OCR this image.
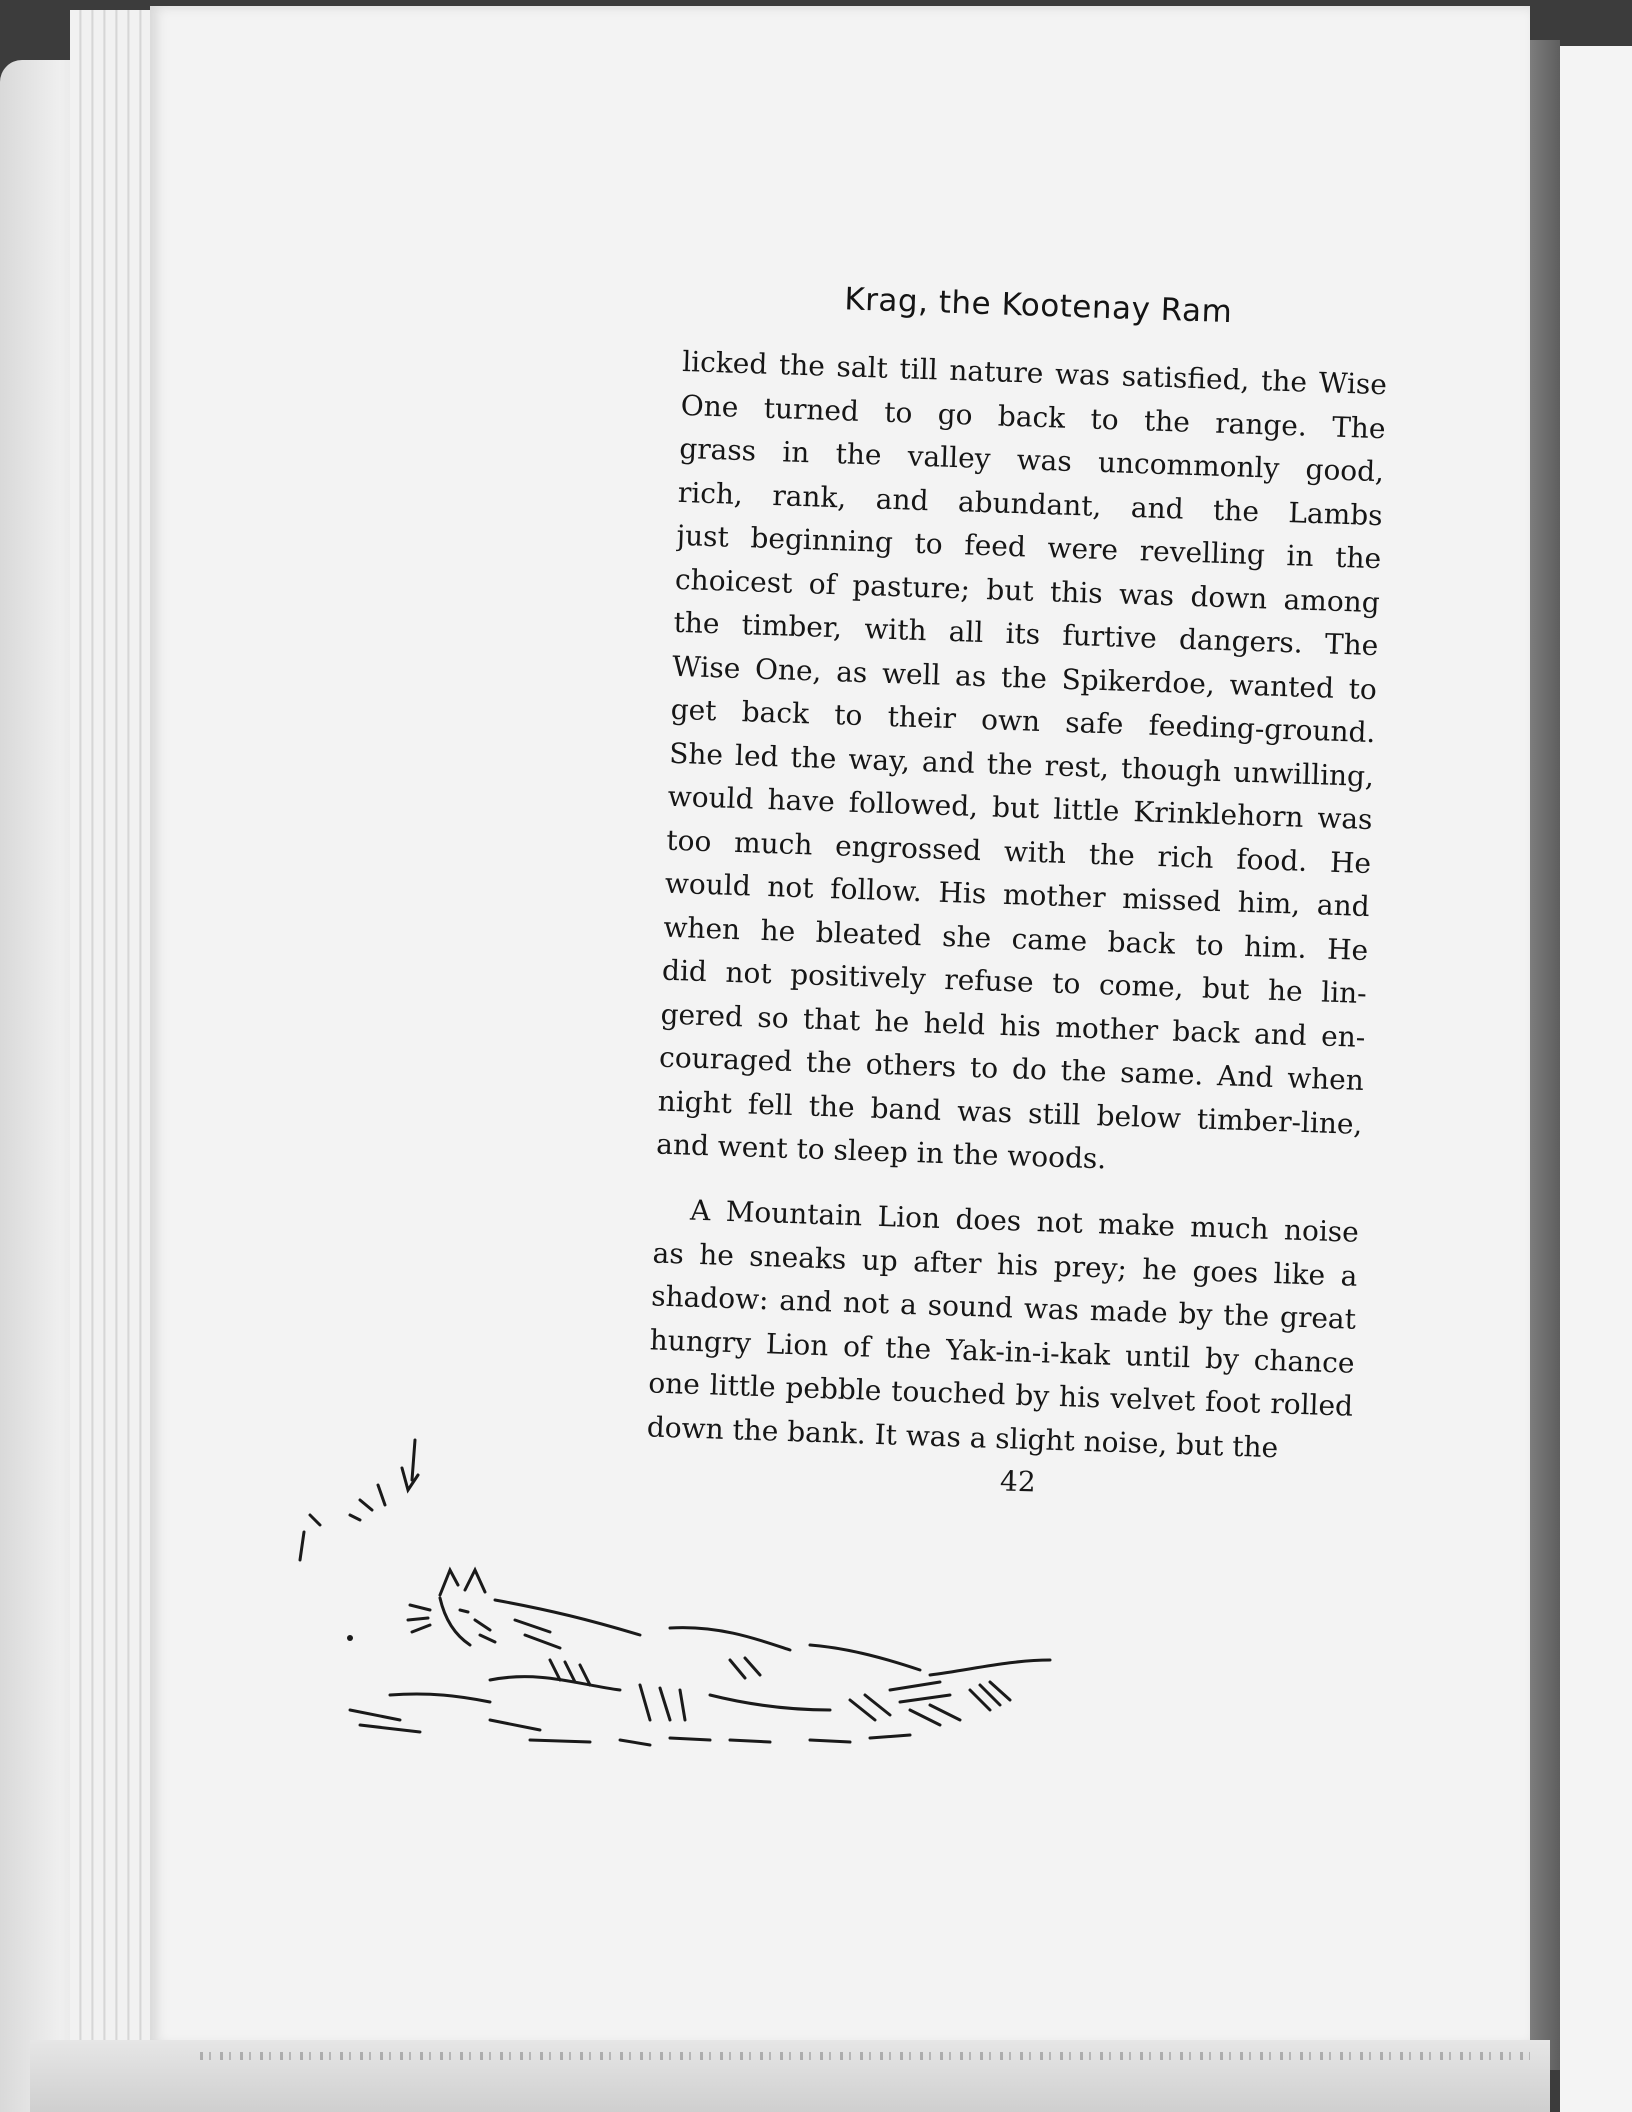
Krag, the Kootenay Ram
licked the salt till nature was satisfied, the Wise
One turned to go back to the range. The
grass in the valley was uncommonly good,
rich, rank, and abundant, and the Lambs
just beginning to feed were revelling in the
choicest of pasture; but this was down among
the timber, with all its furtive dangers. The
Wise One, as well as the Spikerdoe, wanted to
get back to their own safe feeding-ground.
She led the way, and the rest, though unwilling,
would have followed, but little Krinklehorn was
too much engrossed with the rich food. He
would not follow. His mother missed him, and
when he bleated she came back to him. He
did not positively refuse to come, but he lin-
gered so that he held his mother back and en-
couraged the others to do the same. And when
night fell the band was still below timber-line,
and went to sleep in the woods.
A Mountain Lion does not make much noise
as he sneaks up after his prey; he goes like a
shadow: and not a sound was made by the great
hungry Lion of the Yak-in-i-kak until by chance
one little pebble touched by his velvet foot rolled
down the bank. It was a slight noise, but the
42
